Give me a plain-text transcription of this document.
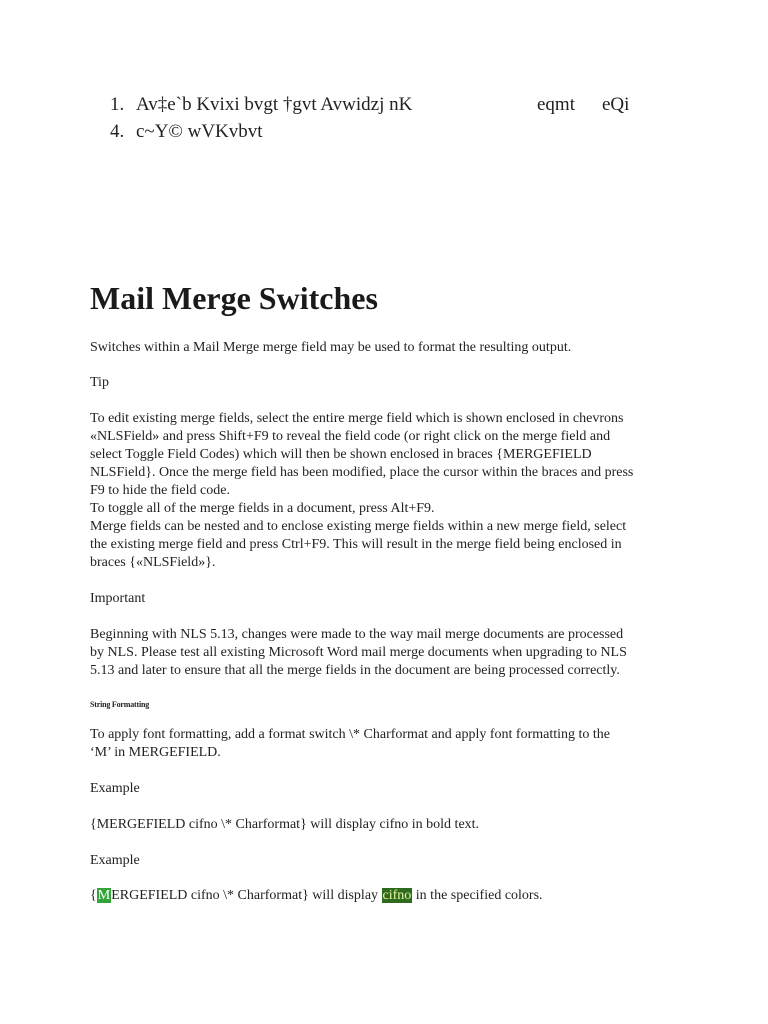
1. Av‡e`b Kvixi bvgt †gvt Avwidzj nK	eqmt eQi
4. c~Y© wVKvbvt
Mail Merge Switches
Switches within a Mail Merge merge field may be used to format the resulting output.
Tip
To edit existing merge fields, select the entire merge field which is shown enclosed in chevrons
«NLSField» and press Shift+F9 to reveal the field code (or right click on the merge field and
select Toggle Field Codes) which will then be shown enclosed in braces {MERGEFIELD
NLSField}. Once the merge field has been modified, place the cursor within the braces and press
F9 to hide the field code.
To toggle all of the merge fields in a document, press Alt+F9.
Merge fields can be nested and to enclose existing merge fields within a new merge field, select
the existing merge field and press Ctrl+F9. This will result in the merge field being enclosed in
braces {«NLSField»}.
Important
Beginning with NLS 5.13, changes were made to the way mail merge documents are processed
by NLS. Please test all existing Microsoft Word mail merge documents when upgrading to NLS
5.13 and later to ensure that all the merge fields in the document are being processed correctly.
String Formatting
To apply font formatting, add a format switch \* Charformat and apply font formatting to the
‘M’ in MERGEFIELD.
Example
{MERGEFIELD cifno \* Charformat} will display cifno in bold text.
Example
{MERGEFIELD cifno \* Charformat} will display cifno in the specified colors.
